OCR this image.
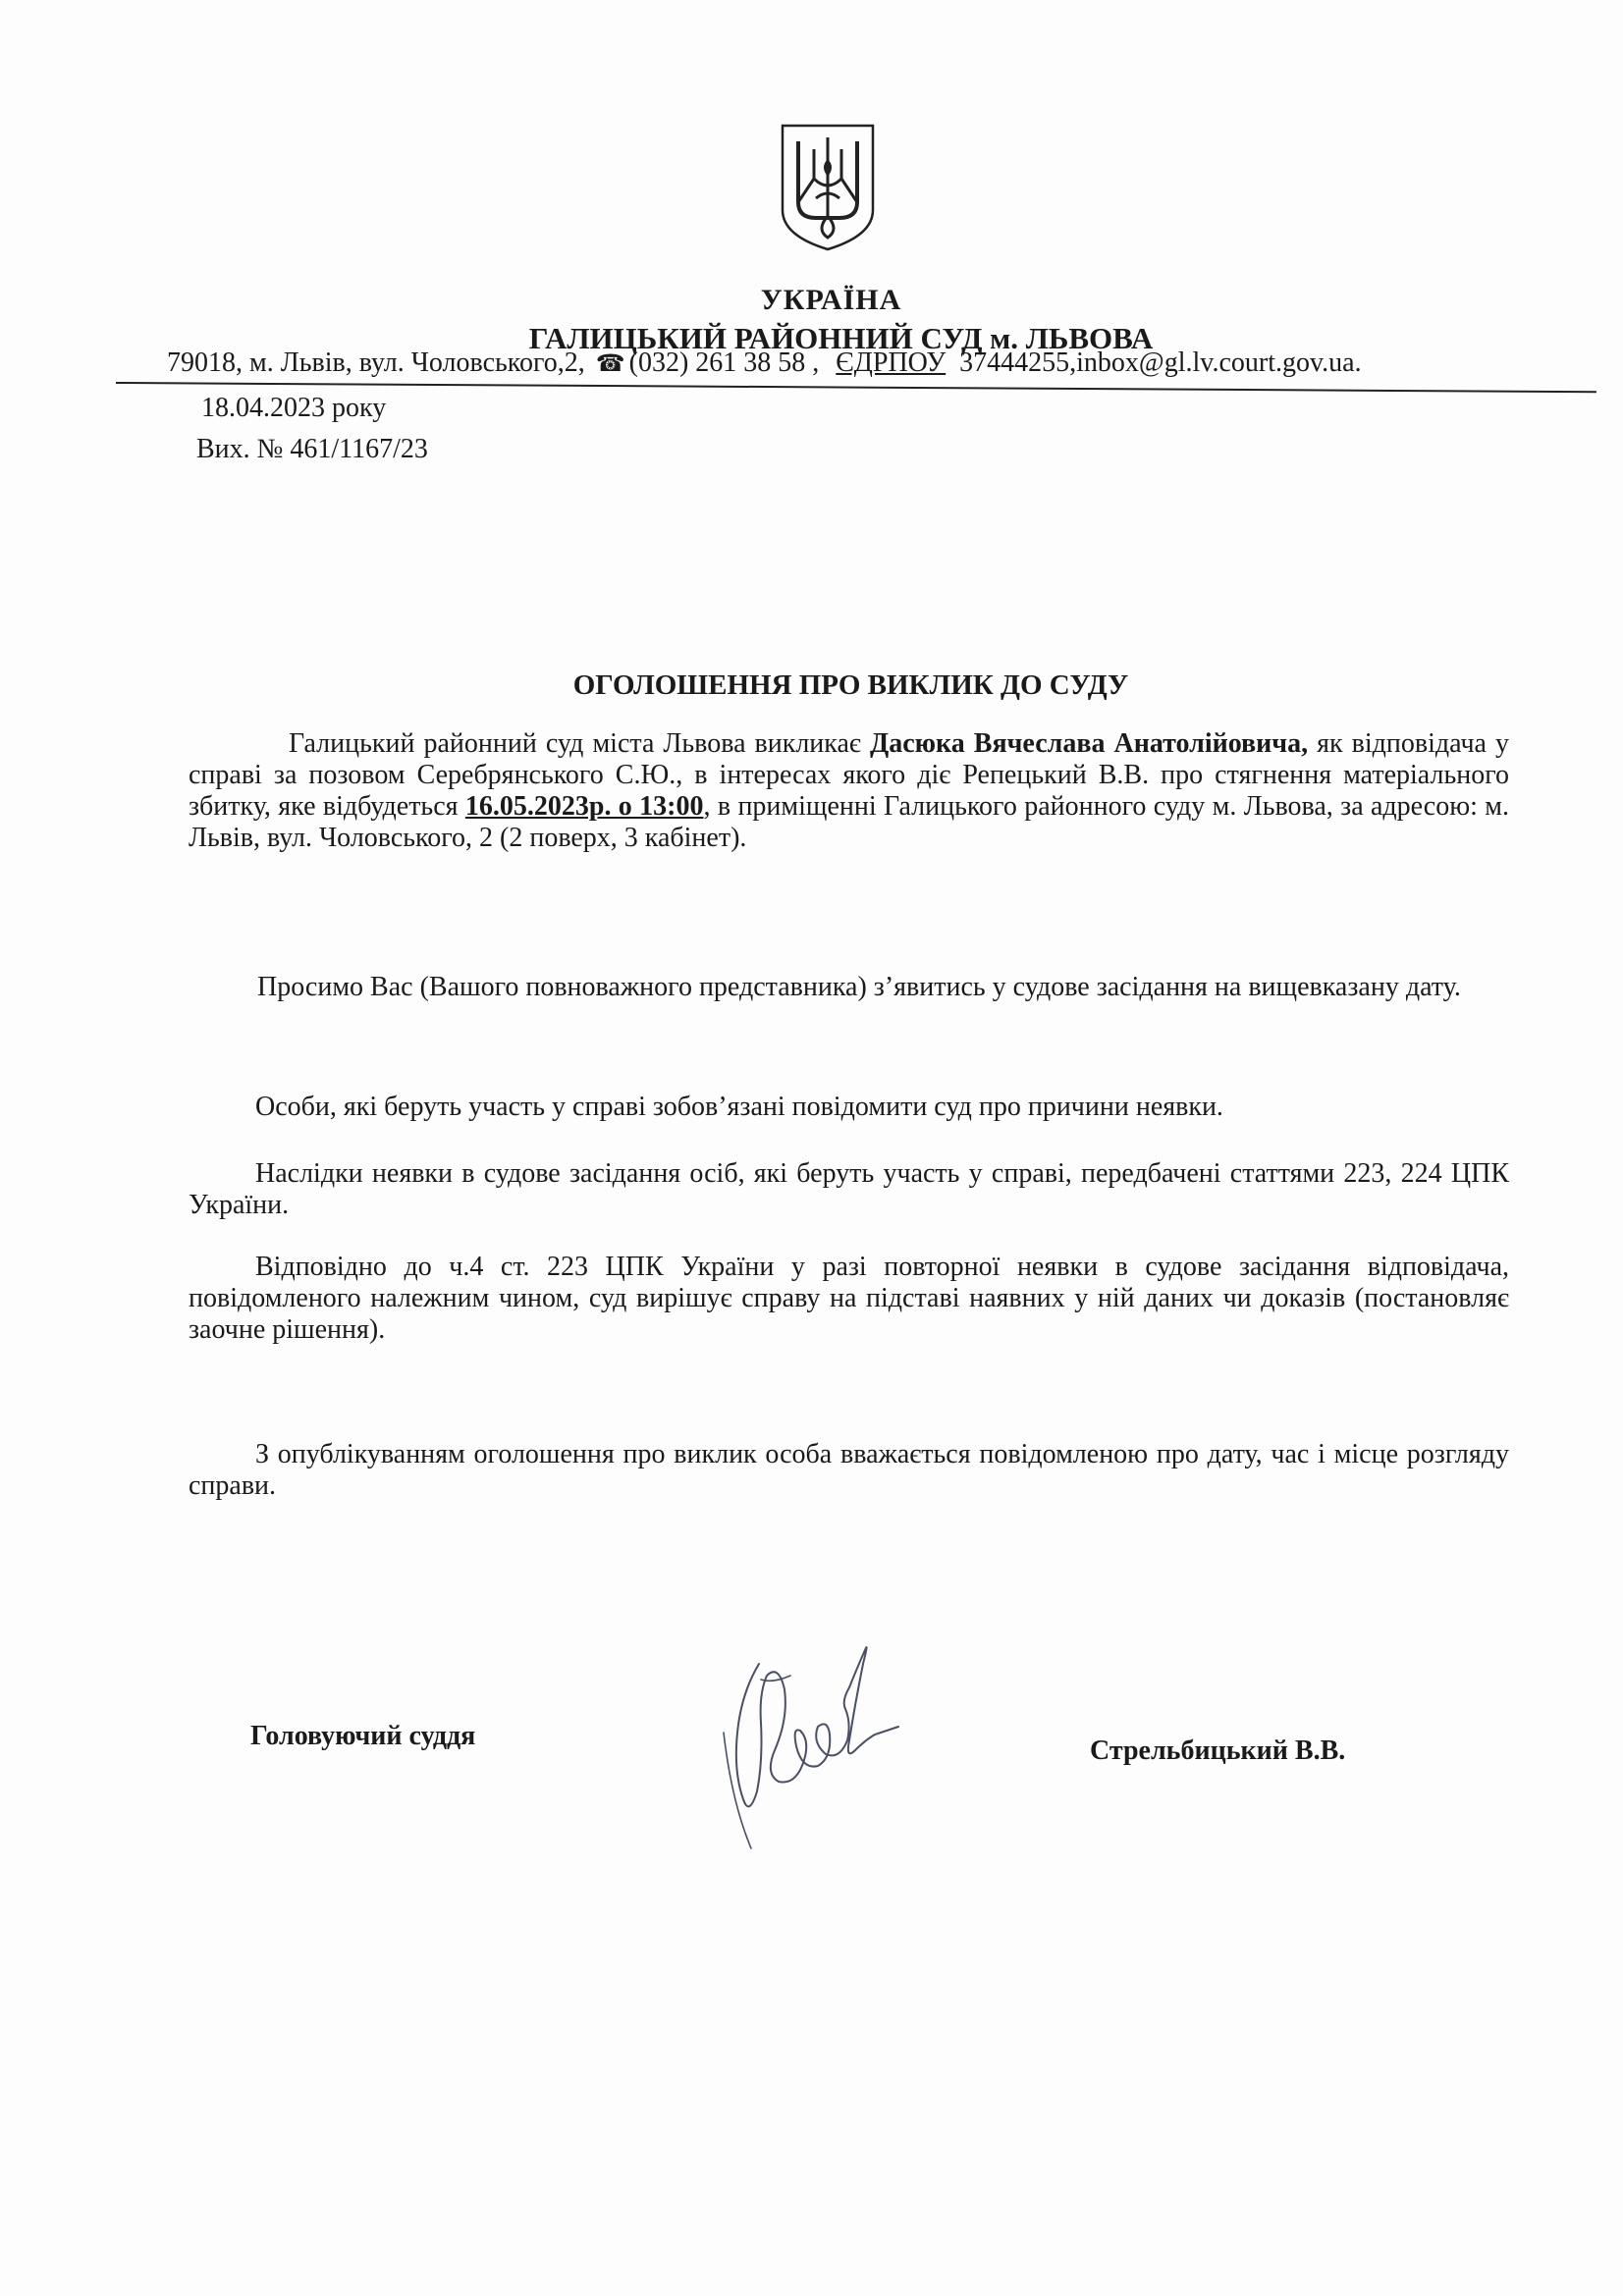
УКРАЇНА
ГАЛИЦЬКИЙ РАЙОННИЙ СУД м. ЛЬВОВА
79018, м. Львів, вул. Чоловського,2, ☎ (032) 261 38 58 , ЄДРПОУ 37444255,inbox@gl.lv.court.gov.ua.
18.04.2023 року
Вих. № 461/1167/23
ОГОЛОШЕННЯ ПРО ВИКЛИК ДО СУДУ

Галицький районний суд міста Львова викликає Дасюка Вячеслава Анатолійовича, як відповідача у справі за позовом Серебрянського С.Ю., в інтересах якого діє Репецький В.В. про стягнення матеріального збитку, яке відбудеться 16.05.2023р. о 13:00, в приміщенні Галицького районного суду м. Львова, за адресою: м. Львів, вул. Чоловського, 2 (2 поверх, 3 кабінет).

Просимо Вас (Вашого повноважного представника) з’явитись у судове засідання на вищевказану дату.

Особи, які беруть участь у справі зобов’язані повідомити суд про причини неявки.

Наслідки неявки в судове засідання осіб, які беруть участь у справі, передбачені статтями 223, 224 ЦПК України.

Відповідно до ч.4 ст. 223 ЦПК України у разі повторної неявки в судове засідання відповідача, повідомленого належним чином, суд вирішує справу на підставі наявних у ній даних чи доказів (постановляє заочне рішення).

З опублікуванням оголошення про виклик особа вважається повідомленою про дату, час і місце розгляду справи.

Головуючий суддя	Стрельбицький В.В.
